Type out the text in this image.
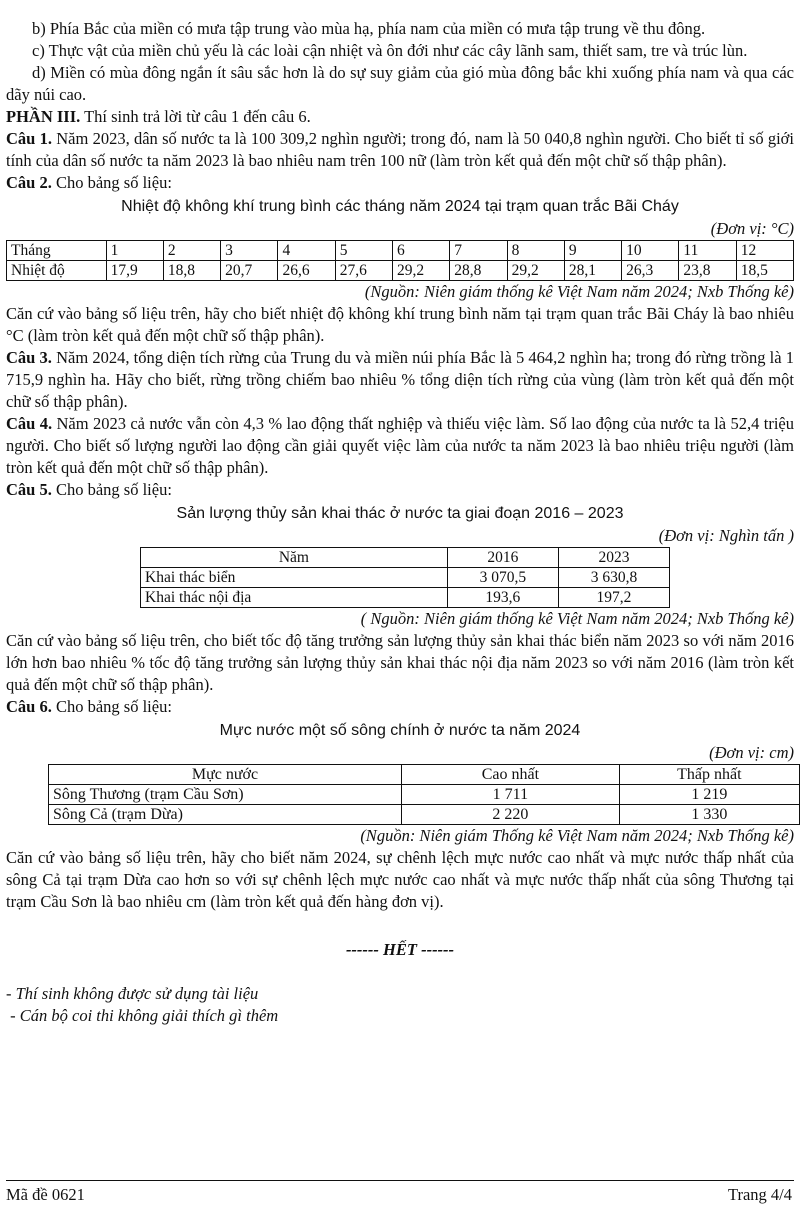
b) Phía Bắc của miền có mưa tập trung vào mùa hạ, phía nam của miền có mưa tập trung về thu đông.

c) Thực vật của miền chủ yếu là các loài cận nhiệt và ôn đới như các cây lãnh sam, thiết sam, tre và trúc lùn.

d) Miền có mùa đông ngắn ít sâu sắc hơn là do sự suy giảm của gió mùa đông bắc khi xuống phía nam và qua các dãy núi cao.

PHẦN III. Thí sinh trả lời từ câu 1 đến câu 6.

Câu 1. Năm 2023, dân số nước ta là 100 309,2 nghìn người; trong đó, nam là 50 040,8 nghìn người. Cho biết tỉ số giới tính của dân số nước ta năm 2023 là bao nhiêu nam trên 100 nữ (làm tròn kết quả đến một chữ số thập phân).

Câu 2. Cho bảng số liệu:

Nhiệt độ không khí trung bình các tháng năm 2024 tại trạm quan trắc Bãi Cháy

(Đơn vị: °C)

Tháng	1	2	3	4	5	6	7	8	9	10	11	12
Nhiệt độ	17,9	18,8	20,7	26,6	27,6	29,2	28,8	29,2	28,1	26,3	23,8	18,5

(Nguồn: Niên giám thống kê Việt Nam năm 2024; Nxb Thống kê)

Căn cứ vào bảng số liệu trên, hãy cho biết nhiệt độ không khí trung bình năm tại trạm quan trắc Bãi Cháy là bao nhiêu °C (làm tròn kết quả đến một chữ số thập phân).

Câu 3. Năm 2024, tổng diện tích rừng của Trung du và miền núi phía Bắc là 5 464,2 nghìn ha; trong đó rừng trồng là 1 715,9 nghìn ha. Hãy cho biết, rừng trồng chiếm bao nhiêu % tổng diện tích rừng của vùng (làm tròn kết quả đến một chữ số thập phân).

Câu 4. Năm 2023 cả nước vẫn còn 4,3 % lao động thất nghiệp và thiếu việc làm. Số lao động của nước ta là 52,4 triệu người. Cho biết số lượng người lao động cần giải quyết việc làm của nước ta năm 2023 là bao nhiêu triệu người (làm tròn kết quả đến một chữ số thập phân).

Câu 5. Cho bảng số liệu:

Sản lượng thủy sản khai thác ở nước ta giai đoạn 2016 – 2023

(Đơn vị: Nghìn tấn )

Năm	2016	2023
Khai thác biển	3 070,5	3 630,8
Khai thác nội địa	193,6	197,2

( Nguồn: Niên giám thống kê Việt Nam năm 2024; Nxb Thống kê)

Căn cứ vào bảng số liệu trên, cho biết tốc độ tăng trưởng sản lượng thủy sản khai thác biển năm 2023 so với năm 2016 lớn hơn bao nhiêu % tốc độ tăng trưởng sản lượng thủy sản khai thác nội địa năm 2023 so với năm 2016 (làm tròn kết quả đến một chữ số thập phân).

Câu 6. Cho bảng số liệu:

Mực nước một số sông chính ở nước ta năm 2024

(Đơn vị: cm)

Mực nước	Cao nhất	Thấp nhất
Sông Thương (trạm Cầu Sơn)	1 711	1 219
Sông Cả (trạm Dừa)	2 220	1 330

(Nguồn: Niên giám Thống kê Việt Nam năm 2024; Nxb Thống kê)

Căn cứ vào bảng số liệu trên, hãy cho biết năm 2024, sự chênh lệch mực nước cao nhất và mực nước thấp nhất của sông Cả tại trạm Dừa cao hơn so với sự chênh lệch mực nước cao nhất và mực nước thấp nhất của sông Thương tại trạm Cầu Sơn là bao nhiêu cm (làm tròn kết quả đến hàng đơn vị).

------ HẾT ------

- Thí sinh không được sử dụng tài liệu

- Cán bộ coi thi không giải thích gì thêm

Mã đề 0621	Trang 4/4
